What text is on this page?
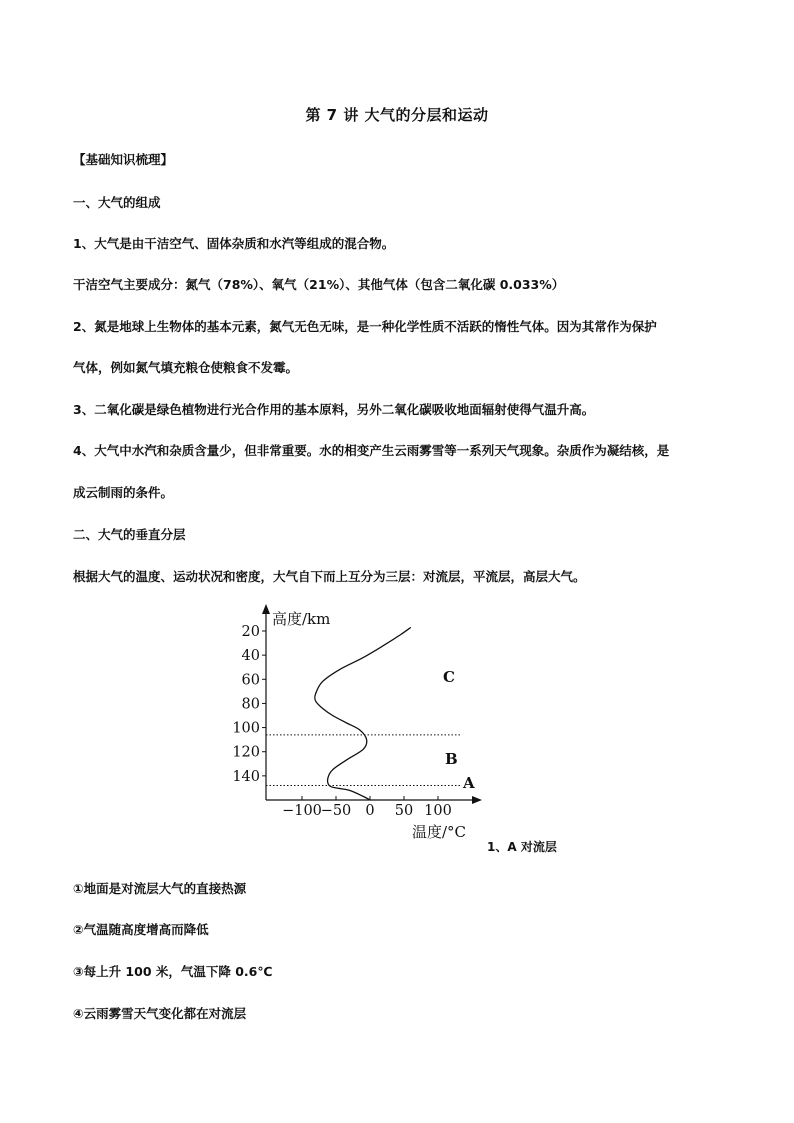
第 7 讲 大气的分层和运动
【基础知识梳理】
一、大气的组成
1、大气是由干洁空气、固体杂质和水汽等组成的混合物。
干洁空气主要成分：氮气（78%）、氧气（21%）、其他气体（包含二氧化碳 0.033%）
2、氮是地球上生物体的基本元素，氮气无色无味，是一种化学性质不活跃的惰性气体。因为其常作为保护
气体，例如氮气填充粮仓使粮食不发霉。
3、二氧化碳是绿色植物进行光合作用的基本原料，另外二氧化碳吸收地面辐射使得气温升高。
4、大气中水汽和杂质含量少，但非常重要。水的相变产生云雨雾雪等一系列天气现象。杂质作为凝结核，是
成云制雨的条件。
二、大气的垂直分层
根据大气的温度、运动状况和密度，大气自下而上互分为三层：对流层，平流层，高层大气。
高度/km
温度/°C
20
40
60
80
100
120
140
−100
−50 0 50 100
C
B
A
1、A 对流层
①地面是对流层大气的直接热源
②气温随高度增高而降低
③每上升 100 米，气温下降 0.6℃
④云雨雾雪天气变化都在对流层
